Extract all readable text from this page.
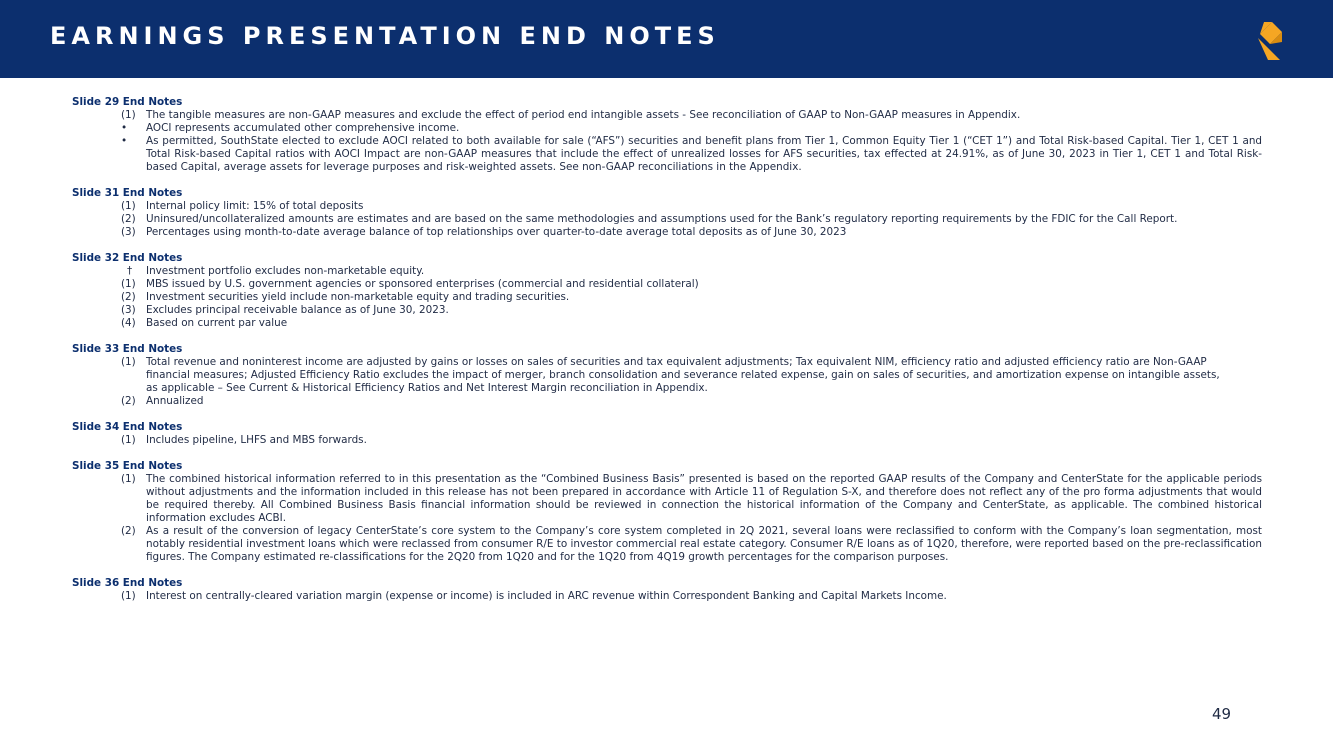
EARNINGS PRESENTATION END NOTES
Slide 29 End Notes
(1) The tangible measures are non-GAAP measures and exclude the effect of period end intangible assets - See reconciliation of GAAP to Non-GAAP measures in Appendix.
•	AOCI represents accumulated other comprehensive income.
•	As permitted, SouthState elected to exclude AOCI related to both available for sale (“AFS”) securities and benefit plans from Tier 1, Common Equity Tier 1 (“CET 1”) and Total Risk-based Capital. Tier 1, CET 1 and Total Risk-based Capital ratios with AOCI Impact are non-GAAP measures that include the effect of unrealized losses for AFS securities, tax effected at 24.91%, as of June 30, 2023 in Tier 1, CET 1 and Total Risk-based Capital, average assets for leverage purposes and risk-weighted assets. See non-GAAP reconciliations in the Appendix.
Slide 31 End Notes
(1) Internal policy limit: 15% of total deposits
(2) Uninsured/uncollateralized amounts are estimates and are based on the same methodologies and assumptions used for the Bank’s regulatory reporting requirements by the FDIC for the Call Report.
(3) Percentages using month-to-date average balance of top relationships over quarter-to-date average total deposits as of June 30, 2023
Slide 32 End Notes
†	Investment portfolio excludes non-marketable equity.
(1) MBS issued by U.S. government agencies or sponsored enterprises (commercial and residential collateral)
(2) Investment securities yield include non-marketable equity and trading securities.
(3) Excludes principal receivable balance as of June 30, 2023.
(4) Based on current par value
Slide 33 End Notes
(1) Total revenue and noninterest income are adjusted by gains or losses on sales of securities and tax equivalent adjustments; Tax equivalent NIM, efficiency ratio and adjusted efficiency ratio are Non-GAAP financial measures; Adjusted Efficiency Ratio excludes the impact of merger, branch consolidation and severance related expense, gain on sales of securities, and amortization expense on intangible assets, as applicable – See Current & Historical Efficiency Ratios and Net Interest Margin reconciliation in Appendix.
(2) Annualized
Slide 34 End Notes
(1) Includes pipeline, LHFS and MBS forwards.
Slide 35 End Notes
(1) The combined historical information referred to in this presentation as the “Combined Business Basis” presented is based on the reported GAAP results of the Company and CenterState for the applicable periods without adjustments and the information included in this release has not been prepared in accordance with Article 11 of Regulation S-X, and therefore does not reflect any of the pro forma adjustments that would be required thereby. All Combined Business Basis financial information should be reviewed in connection the historical information of the Company and CenterState, as applicable. The combined historical information excludes ACBI.
(2) As a result of the conversion of legacy CenterState’s core system to the Company’s core system completed in 2Q 2021, several loans were reclassified to conform with the Company’s loan segmentation, most notably residential investment loans which were reclassed from consumer R/E to investor commercial real estate category. Consumer R/E loans as of 1Q20, therefore, were reported based on the pre-reclassification figures. The Company estimated re-classifications for the 2Q20 from 1Q20 and for the 1Q20 from 4Q19 growth percentages for the comparison purposes.
Slide 36 End Notes
(1) Interest on centrally-cleared variation margin (expense or income) is included in ARC revenue within Correspondent Banking and Capital Markets Income.
49
